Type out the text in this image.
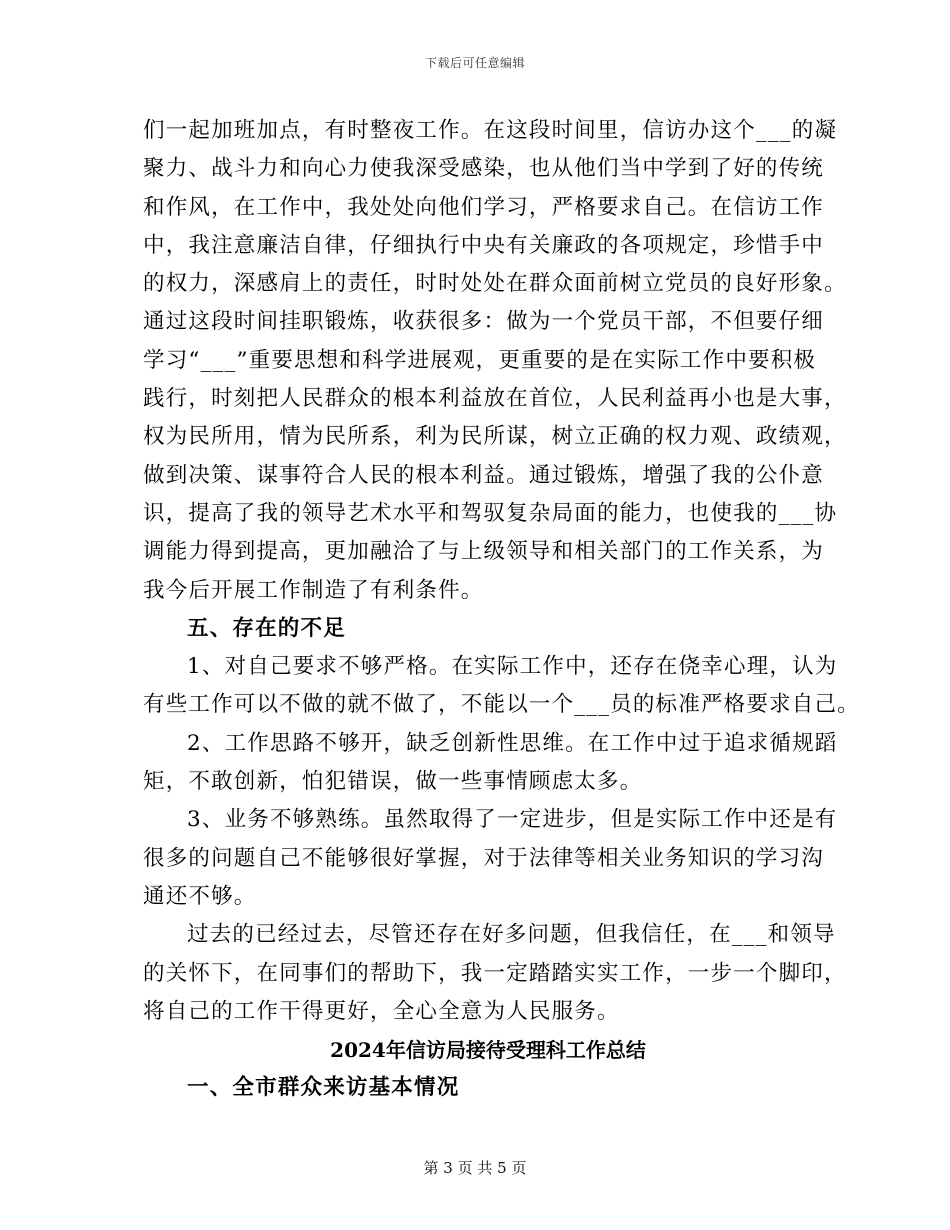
下载后可任意编辑
们一起加班加点，有时整夜工作。在这段时间里，信访办这个___的凝
聚力、战斗力和向心力使我深受感染，也从他们当中学到了好的传统
和作风，在工作中，我处处向他们学习，严格要求自己。在信访工作
中，我注意廉洁自律，仔细执行中央有关廉政的各项规定，珍惜手中
的权力，深感肩上的责任，时时处处在群众面前树立党员的良好形象。
通过这段时间挂职锻炼，收获很多：做为一个党员干部，不但要仔细
学习“___”重要思想和科学进展观，更重要的是在实际工作中要积极
践行，时刻把人民群众的根本利益放在首位，人民利益再小也是大事，
权为民所用，情为民所系，利为民所谋，树立正确的权力观、政绩观，
做到决策、谋事符合人民的根本利益。通过锻炼，增强了我的公仆意
识，提高了我的领导艺术水平和驾驭复杂局面的能力，也使我的___协
调能力得到提高，更加融洽了与上级领导和相关部门的工作关系，为
我今后开展工作制造了有利条件。
五、存在的不足
1、对自己要求不够严格。在实际工作中，还存在侥幸心理，认为
有些工作可以不做的就不做了，不能以一个___员的标准严格要求自己。
2、工作思路不够开，缺乏创新性思维。在工作中过于追求循规蹈
矩，不敢创新，怕犯错误，做一些事情顾虑太多。
3、业务不够熟练。虽然取得了一定进步，但是实际工作中还是有
很多的问题自己不能够很好掌握，对于法律等相关业务知识的学习沟
通还不够。
过去的已经过去，尽管还存在好多问题，但我信任，在___和领导
的关怀下，在同事们的帮助下，我一定踏踏实实工作，一步一个脚印，
将自己的工作干得更好，全心全意为人民服务。
2024年信访局接待受理科工作总结
一、全市群众来访基本情况
第 3 页 共 5 页
